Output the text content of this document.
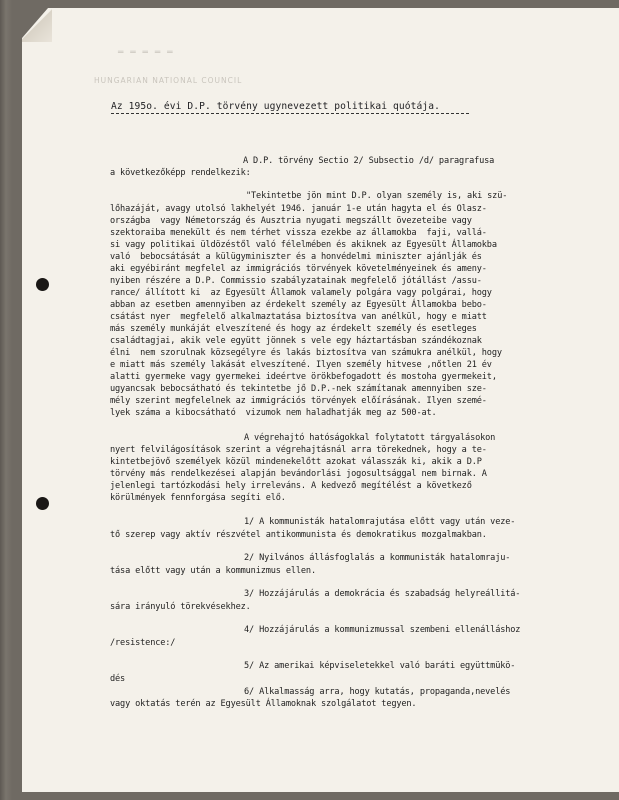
═ ═ ═ ═ ═
HUNGARIAN NATIONAL COUNCIL
Az 195o. évi D.P. törvény ugynevezett politikai quótája.
A D.P. törvény Sectio 2/ Subsectio /d/ paragrafusa
a következőképp rendelkezik:
"Tekintetbe jön mint D.P. olyan személy is, aki szü-
lőhazáját, avagy utolsó lakhelyét 1946. január 1-e után hagyta el és Olasz-
országba  vagy Németország és Ausztria nyugati megszállt övezeteibe vagy
szektoraiba menekült és nem térhet vissza ezekbe az államokba  faji, vallá-
si vagy politikai üldözéstől való félelmében és akiknek az Egyesült Államokba
való  bebocsátását a külügyminiszter és a honvédelmi miniszter ajánlják és
aki egyébiránt megfelel az immigrációs törvények követelményeinek és ameny-
nyiben részére a D.P. Commissio szabályzatainak megfelelő jótállást /assu-
rance/ állított ki  az Egyesült Államok valamely polgára vagy polgárai, hogy
abban az esetben amennyiben az érdekelt személy az Egyesült Államokba bebo-
csátást nyer  megfelelő alkalmaztatása biztosítva van anélkül, hogy e miatt
más személy munkáját elveszítené és hogy az érdekelt személy és esetleges
családtagjai, akik vele együtt jönnek s vele egy háztartásban szándékoznak
élni  nem szorulnak közsegélyre és lakás biztosítva van számukra anélkül, hogy
e miatt más személy lakását elveszítené. Ilyen személy hitvese ,nőtlen 21 év
alatti gyermeke vagy gyermekei ideértve örökbefogadott és mostoha gyermekeit,
ugyancsak bebocsátható és tekintetbe jő D.P.-nek számítanak amennyiben sze-
mély szerint megfelelnek az immigrációs törvények előírásának. Ilyen szemé-
lyek száma a kibocsátható  vizumok nem haladhatják meg az 500-at.
A végrehajtó hatóságokkal folytatott tárgyalásokon
nyert felvilágosítások szerint a végrehajtásnál arra törekednek, hogy a te-
kintetbejövő személyek közül mindenekelőtt azokat válasszák ki, akik a D.P
törvény más rendelkezései alapján bevándorlási jogosultsággal nem birnak. A
jelenlegi tartózkodási hely irreleváns. A kedvező megítélést a következő
körülmények fennforgása segíti elő.
1/ A kommunisták hatalomrajutása előtt vagy után veze-
tő szerep vagy aktív részvétel antikommunista és demokratikus mozgalmakban.
2/ Nyilvános állásfoglalás a kommunisták hatalomraju-
tása előtt vagy után a kommunizmus ellen.
3/ Hozzájárulás a demokrácia és szabadság helyreállitá-
sára irányuló törekvésekhez.
4/ Hozzájárulás a kommunizmussal szembeni ellenálláshoz
/resistence:/
5/ Az amerikai képviseletekkel való baráti együttmükö-
dés
6/ Alkalmasság arra, hogy kutatás, propaganda,nevelés
vagy oktatás terén az Egyesült Államoknak szolgálatot tegyen.
